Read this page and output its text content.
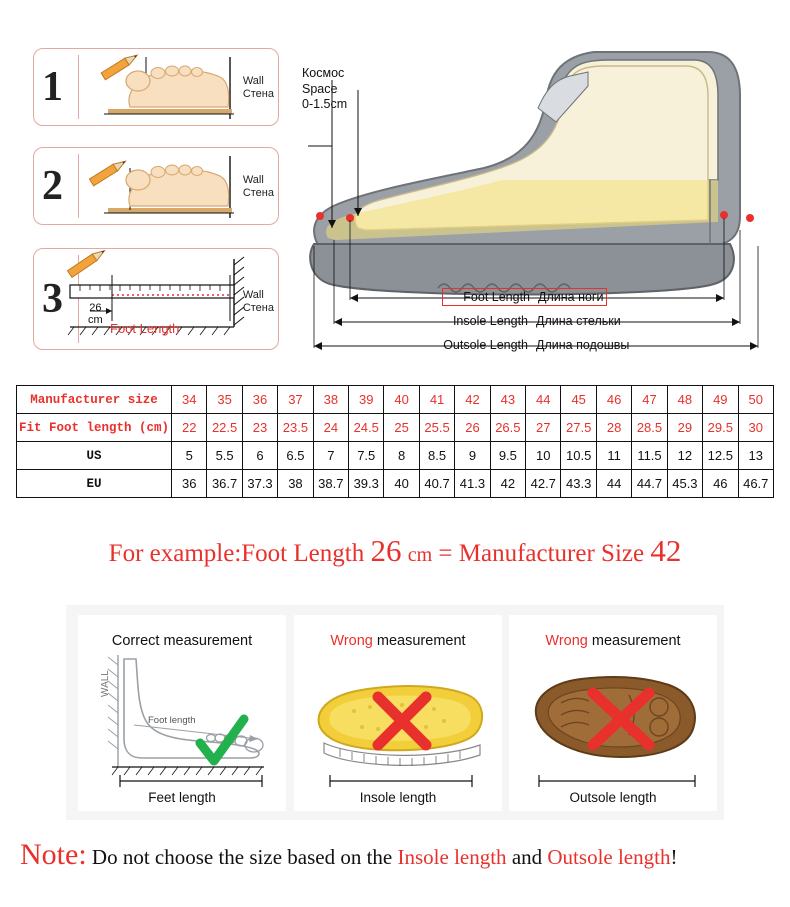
1	Wall
Стена
2	Wall
Стена
3 26
cm
Foot Length
Wall
Стена
Космос
Space
0-1.5cm
Foot Length Длина ноги
Insole Length Длина стельки
Outsole Length Длина подошвы
Manufacturer size	34	35	36	37	38	39	40	41	42	43	44	45	46	47	48	49	50
Fit Foot length (cm)	22	22.5	23	23.5	24	24.5	25	25.5	26	26.5	27	27.5	28	28.5	29	29.5	30
US	5	5.5	6	6.5	7	7.5	8	8.5	9	9.5	10	10.5	11	11.5	12	12.5	13
EU	36	36.7	37.3	38	38.7	39.3	40	40.7	41.3	42	42.7	43.3	44	44.7	45.3	46	46.7
For example:Foot Length 26 cm = Manufacturer Size 42
Correct measurement
WALL
Foot length
Feet length
Wrong measurement
Insole length
Wrong measurement
Outsole length
Note: Do not choose the size based on the Insole length and Outsole length!
